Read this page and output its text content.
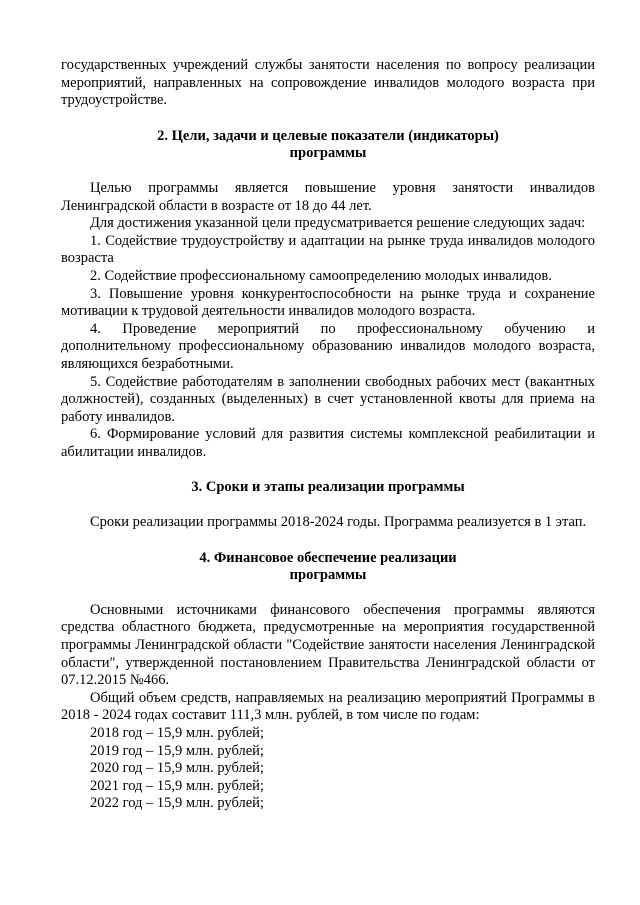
государственных учреждений службы занятости населения по вопросу реализации мероприятий, направленных на сопровождение инвалидов молодого возраста при трудоустройстве.

2. Цели, задачи и целевые показатели (индикаторы)
программы

Целью программы является повышение уровня занятости инвалидов Ленинградской области в возрасте от 18 до 44 лет.

Для достижения указанной цели предусматривается решение следующих задач:

1. Содействие трудоустройству и адаптации на рынке труда инвалидов молодого возраста

2. Содействие профессиональному самоопределению молодых инвалидов.

3. Повышение уровня конкурентоспособности на рынке труда и сохранение мотивации к трудовой деятельности инвалидов молодого возраста.

4. Проведение мероприятий по профессиональному обучению и дополнительному профессиональному образованию инвалидов молодого возраста, являющихся безработными.

5. Содействие работодателям в заполнении свободных рабочих мест (вакантных должностей), созданных (выделенных) в счет установленной квоты для приема на работу инвалидов.

6. Формирование условий для развития системы комплексной реабилитации и абилитации инвалидов.

3. Сроки и этапы реализации программы

Сроки реализации программы 2018-2024 годы. Программа реализуется в 1 этап.

4. Финансовое обеспечение реализации
программы

Основными источниками финансового обеспечения программы являются средства областного бюджета, предусмотренные на мероприятия государственной программы Ленинградской области "Содействие занятости населения Ленинградской области", утвержденной постановлением Правительства Ленинградской области от 07.12.2015 №466.

Общий объем средств, направляемых на реализацию мероприятий Программы в 2018 - 2024 годах составит 111,3 млн. рублей, в том числе по годам:

2018 год – 15,9 млн. рублей;

2019 год – 15,9 млн. рублей;

2020 год – 15,9 млн. рублей;

2021 год – 15,9 млн. рублей;

2022 год – 15,9 млн. рублей;
